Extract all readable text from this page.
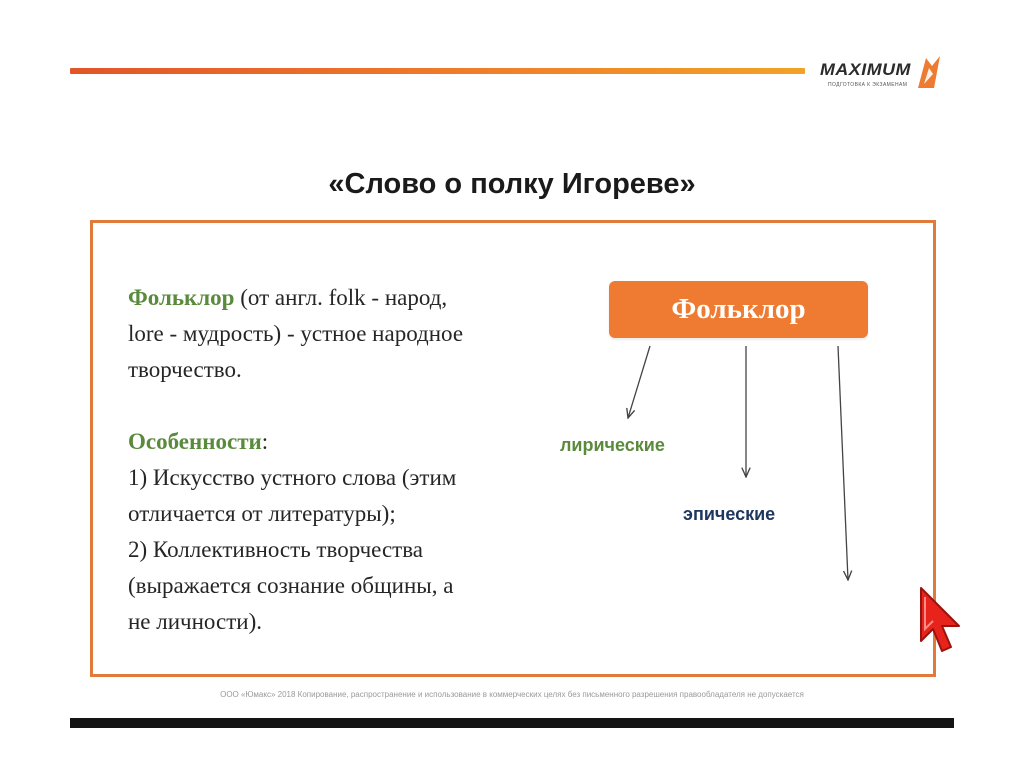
MAXIMUM
ПОДГОТОВКА К ЭКЗАМЕНАМ
«Слово о полку Игореве»

Фольклор (от англ. folk - народ,

lore - мудрость) - устное народное

творчество.

Особенности:

1) Искусство устного слова (этим

отличается от литературы);

2) Коллективность творчества

(выражается сознание общины, а

не личности).

Фольклор
лирические
эпические
ООО «Юмакс» 2018 Копирование, распространение и использование в коммерческих целях без письменного разрешения правообладателя не допускается
